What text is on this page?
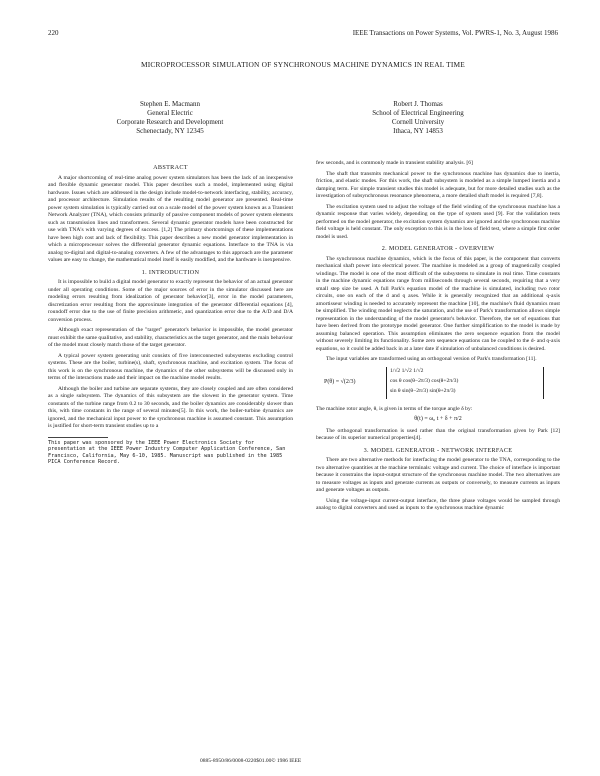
220	IEEE Transactions on Power Systems, Vol. PWRS-1, No. 3, August 1986
MICROPROCESSOR SIMULATION OF SYNCHRONOUS MACHINE DYNAMICS IN REAL TIME
Stephen E. Macmann
General Electric
Corporate Research and Development
Schenectady, NY 12345
Robert J. Thomas
School of Electrical Engineering
Cornell University
Ithaca, NY 14853
ABSTRACT

A major shortcoming of real-time analog power system simulators has been the lack of an inexpensive and flexible dynamic generator model. This paper describes such a model, implemented using digital hardware. Issues which are addressed in the design include model-to-network interfacing, stability, accuracy, and processor architecture. Simulation results of the resulting model generator are presented. Real-time power system simulation is typically carried out on a scale model of the power system known as a Transient Network Analyzer (TNA), which consists primarily of passive component models of power system elements such as transmission lines and transformers. Several dynamic generator models have been constructed for use with TNA's with varying degrees of success. [1,2] The primary shortcomings of these implementations have been high cost and lack of flexibility. This paper describes a new model generator implementation in which a microprocessor solves the differential generator dynamic equations. Interface to the TNA is via analog to-digital and digital-to-analog converters. A few of the advantages to this approach are the parameter values are easy to change, the mathematical model itself is easily modified, and the hardware is inexpensive.

1. INTRODUCTION

It is impossible to build a digital model generator to exactly represent the behavior of an actual generator under all operating conditions. Some of the major sources of error in the simulator discussed here are modeling errors resulting from idealization of generator behavior[3], error in the model parameters, discretization error resulting from the approximate integration of the generator differential equations [4], roundoff error due to the use of finite precision arithmetic, and quantization error due to the A/D and D/A conversion process.

Although exact representation of the "target" generator's behavior is impossible, the model generator must exhibit the same qualitative, and stability, characteristics as the target generator, and the main behaviour of the model must closely match those of the target generator.

A typical power system generating unit consists of five interconnected subsystems excluding control systems. These are the boiler, turbine(s), shaft, synchronous machine, and excitation system. The focus of this work is on the synchronous machine, the dynamics of the other subsystems will be discussed only in terms of the interactions made and their impact on the machine model results.

Although the boiler and turbine are separate systems, they are closely coupled and are often considered as a single subsystem. The dynamics of this subsystem are the slowest in the generator system. Time constants of the turbine range from 0.2 to 30 seconds, and the boiler dynamics are considerably slower than this, with time constants in the range of several minutes[5]. In this work, the boiler-turbine dynamics are ignored, and the mechanical input power to the synchronous machine is assumed constant. This assumption is justified for short-term transient studies up to a

This paper was sponsored by the IEEE Power Electronics Society for presentation at the IEEE Power Industry Computer Application Conference, San Francisco, California, May 6-10, 1985. Manuscript was published in the 1985 PICA Conference Record.

few seconds, and is commonly made in transient stability analysis. [6]

The shaft that transmits mechanical power to the synchronous machine has dynamics due to inertia, friction, and elastic modes. For this work, the shaft subsystem is modeled as a simple lumped inertia and a damping term. For simple transient studies this model is adequate, but for more detailed studies such as the investigation of subsynchronous resonance phenomena, a more detailed shaft model is required [7,8].

The excitation system used to adjust the voltage of the field winding of the synchronous machine has a dynamic response that varies widely, depending on the type of system used [9]. For the validation tests performed on the model generator, the excitation system dynamics are ignored and the synchronous machine field voltage is held constant. The only exception to this is in the loss of field test, where a simple first order model is used.

2. MODEL GENERATOR - OVERVIEW

The synchronous machine dynamics, which is the focus of this paper, is the component that converts mechanical shaft power into electrical power. The machine is modeled as a group of magnetically coupled windings. The model is one of the most difficult of the subsystems to simulate in real time. Time constants in the machine dynamic equations range from milliseconds through several seconds, requiring that a very small step size be used. A full Park's equation model of the machine is simulated, including two rotor circuits, one on each of the d and q axes. While it is generally recognized that an additional q-axis amortisseur winding is needed to accurately represent the machine [10], the machine's fluid dynamics must be simplified. The winding model neglects the saturation, and the use of Park's transformation allows simple representation in the understanding of the model generator's behavior. Therefore, the set of equations that have been derived from the prototype model generator. One further simplification to the model is made by assuming balanced operation. This assumption eliminates the zero sequence equation from the model without severely limiting its functionality. Some zero sequence equations can be coupled to the d- and q-axis equations, so it could be added back in at a later date if simulation of unbalanced conditions is desired.

The input variables are transformed using an orthogonal version of Park's transformation [11].

P(θ) = √(2/3)
1/√2 1/√2 1/√2
cos θ cos(θ−2π/3) cos(θ+2π/3)
sin θ sin(θ−2π/3) sin(θ+2π/3)

The machine rotor angle, θ, is given in terms of the torque angle δ by:

θ(t) = ω₀ t + δ + π/2

The orthogonal transformation is used rather than the original transformation given by Park [12] because of its superior numerical properties[4].

3. MODEL GENERATOR - NETWORK INTERFACE

There are two alternative methods for interfacing the model generator to the TNA, corresponding to the two alternative quantities at the machine terminals: voltage and current. The choice of interface is important because it constrains the input-output structure of the synchronous machine model. The two alternatives are to measure voltages as inputs and generate currents as outputs or conversely, to measure currents as inputs and generate voltages as outputs.

Using the voltage-input current-output interface, the three phase voltages would be sampled through analog to digital converters and used as inputs to the synchronous machine dynamic

0885-8950/86/0008-0220$01.00© 1986 IEEE
